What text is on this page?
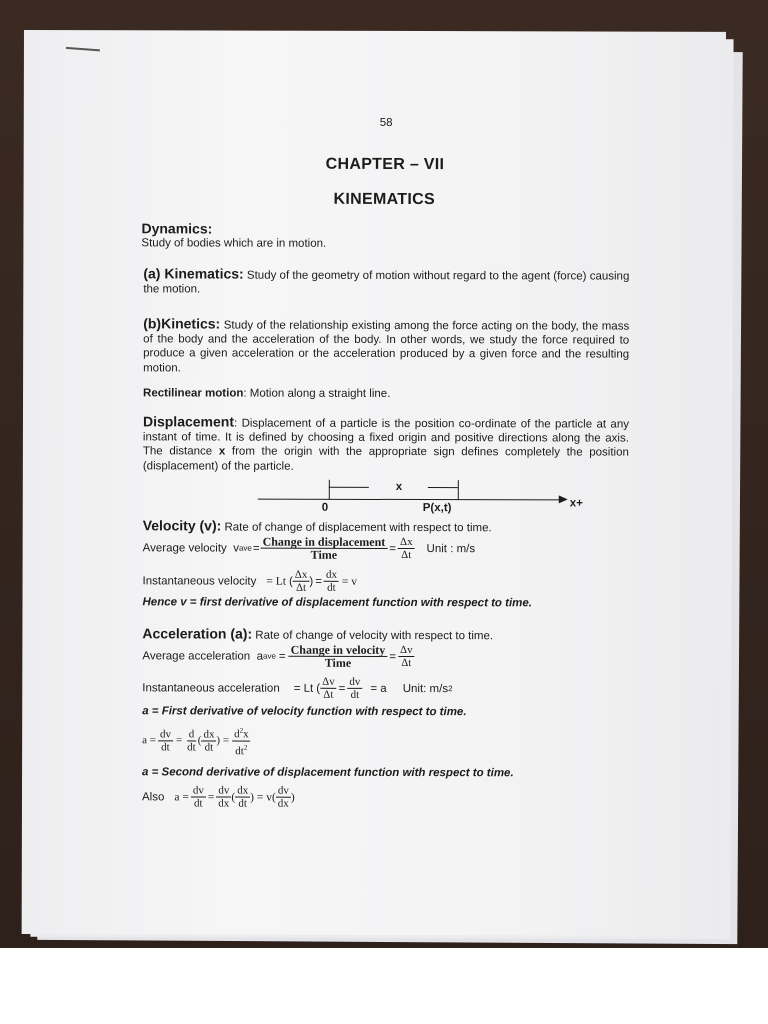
58
CHAPTER – VII
KINEMATICS
Dynamics:
Study of bodies which are in motion.
(a) Kinematics: Study of the geometry of motion without regard to the agent (force) causing the motion.
(b)Kinetics: Study of the relationship existing among the force acting on the body, the mass of the body and the acceleration of the body. In other words, we study the force required to produce a given acceleration or the acceleration produced by a given force and the resulting motion.
Rectilinear motion: Motion along a straight line.
Displacement: Displacement of a particle is the position co-ordinate of the particle at any instant of time. It is defined by choosing a fixed origin and positive directions along the axis. The distance x from the origin with the appropriate sign defines completely the position (displacement) of the particle.
x
0	P(x,t)	x+
Velocity (v): Rate of change of displacement with respect to time.
Average velocity
v ave = $\frac{\text{Change in displacement}}{\text{Time}} = \frac{\Delta x}{\Delta t}$ Unit : m/s
Instantaneous velocity = Lt ( $\frac{\Delta x}{\Delta t}$ ) = $\frac{dx}{dt} = v$
Hence v = first derivative of displacement function with respect to time.
Acceleration (a): Rate of change of velocity with respect to time.
Average acceleration
a ave = $\frac{\text{Change in velocity}}{\text{Time}} = \frac{\Delta v}{\Delta t}$
Instantaneous acceleration = Lt ( $\frac{\Delta v}{\Delta t} = \frac{dv}{dt} = a$ Unit: m/s 2
a = First derivative of velocity function with respect to time.
$a = \frac{dv}{dt} = \frac{d}{dt}$ ( $\frac{dx}{dt}$ ) = $\frac{d^2x}{dt^2}$
a = Second derivative of displacement function with respect to time.
Also $a = \frac{dv}{dt} = \frac{dv}{dx}$ ( $\frac{dx}{dt}$ ) = $v( \frac{dv}{dx}$ )
